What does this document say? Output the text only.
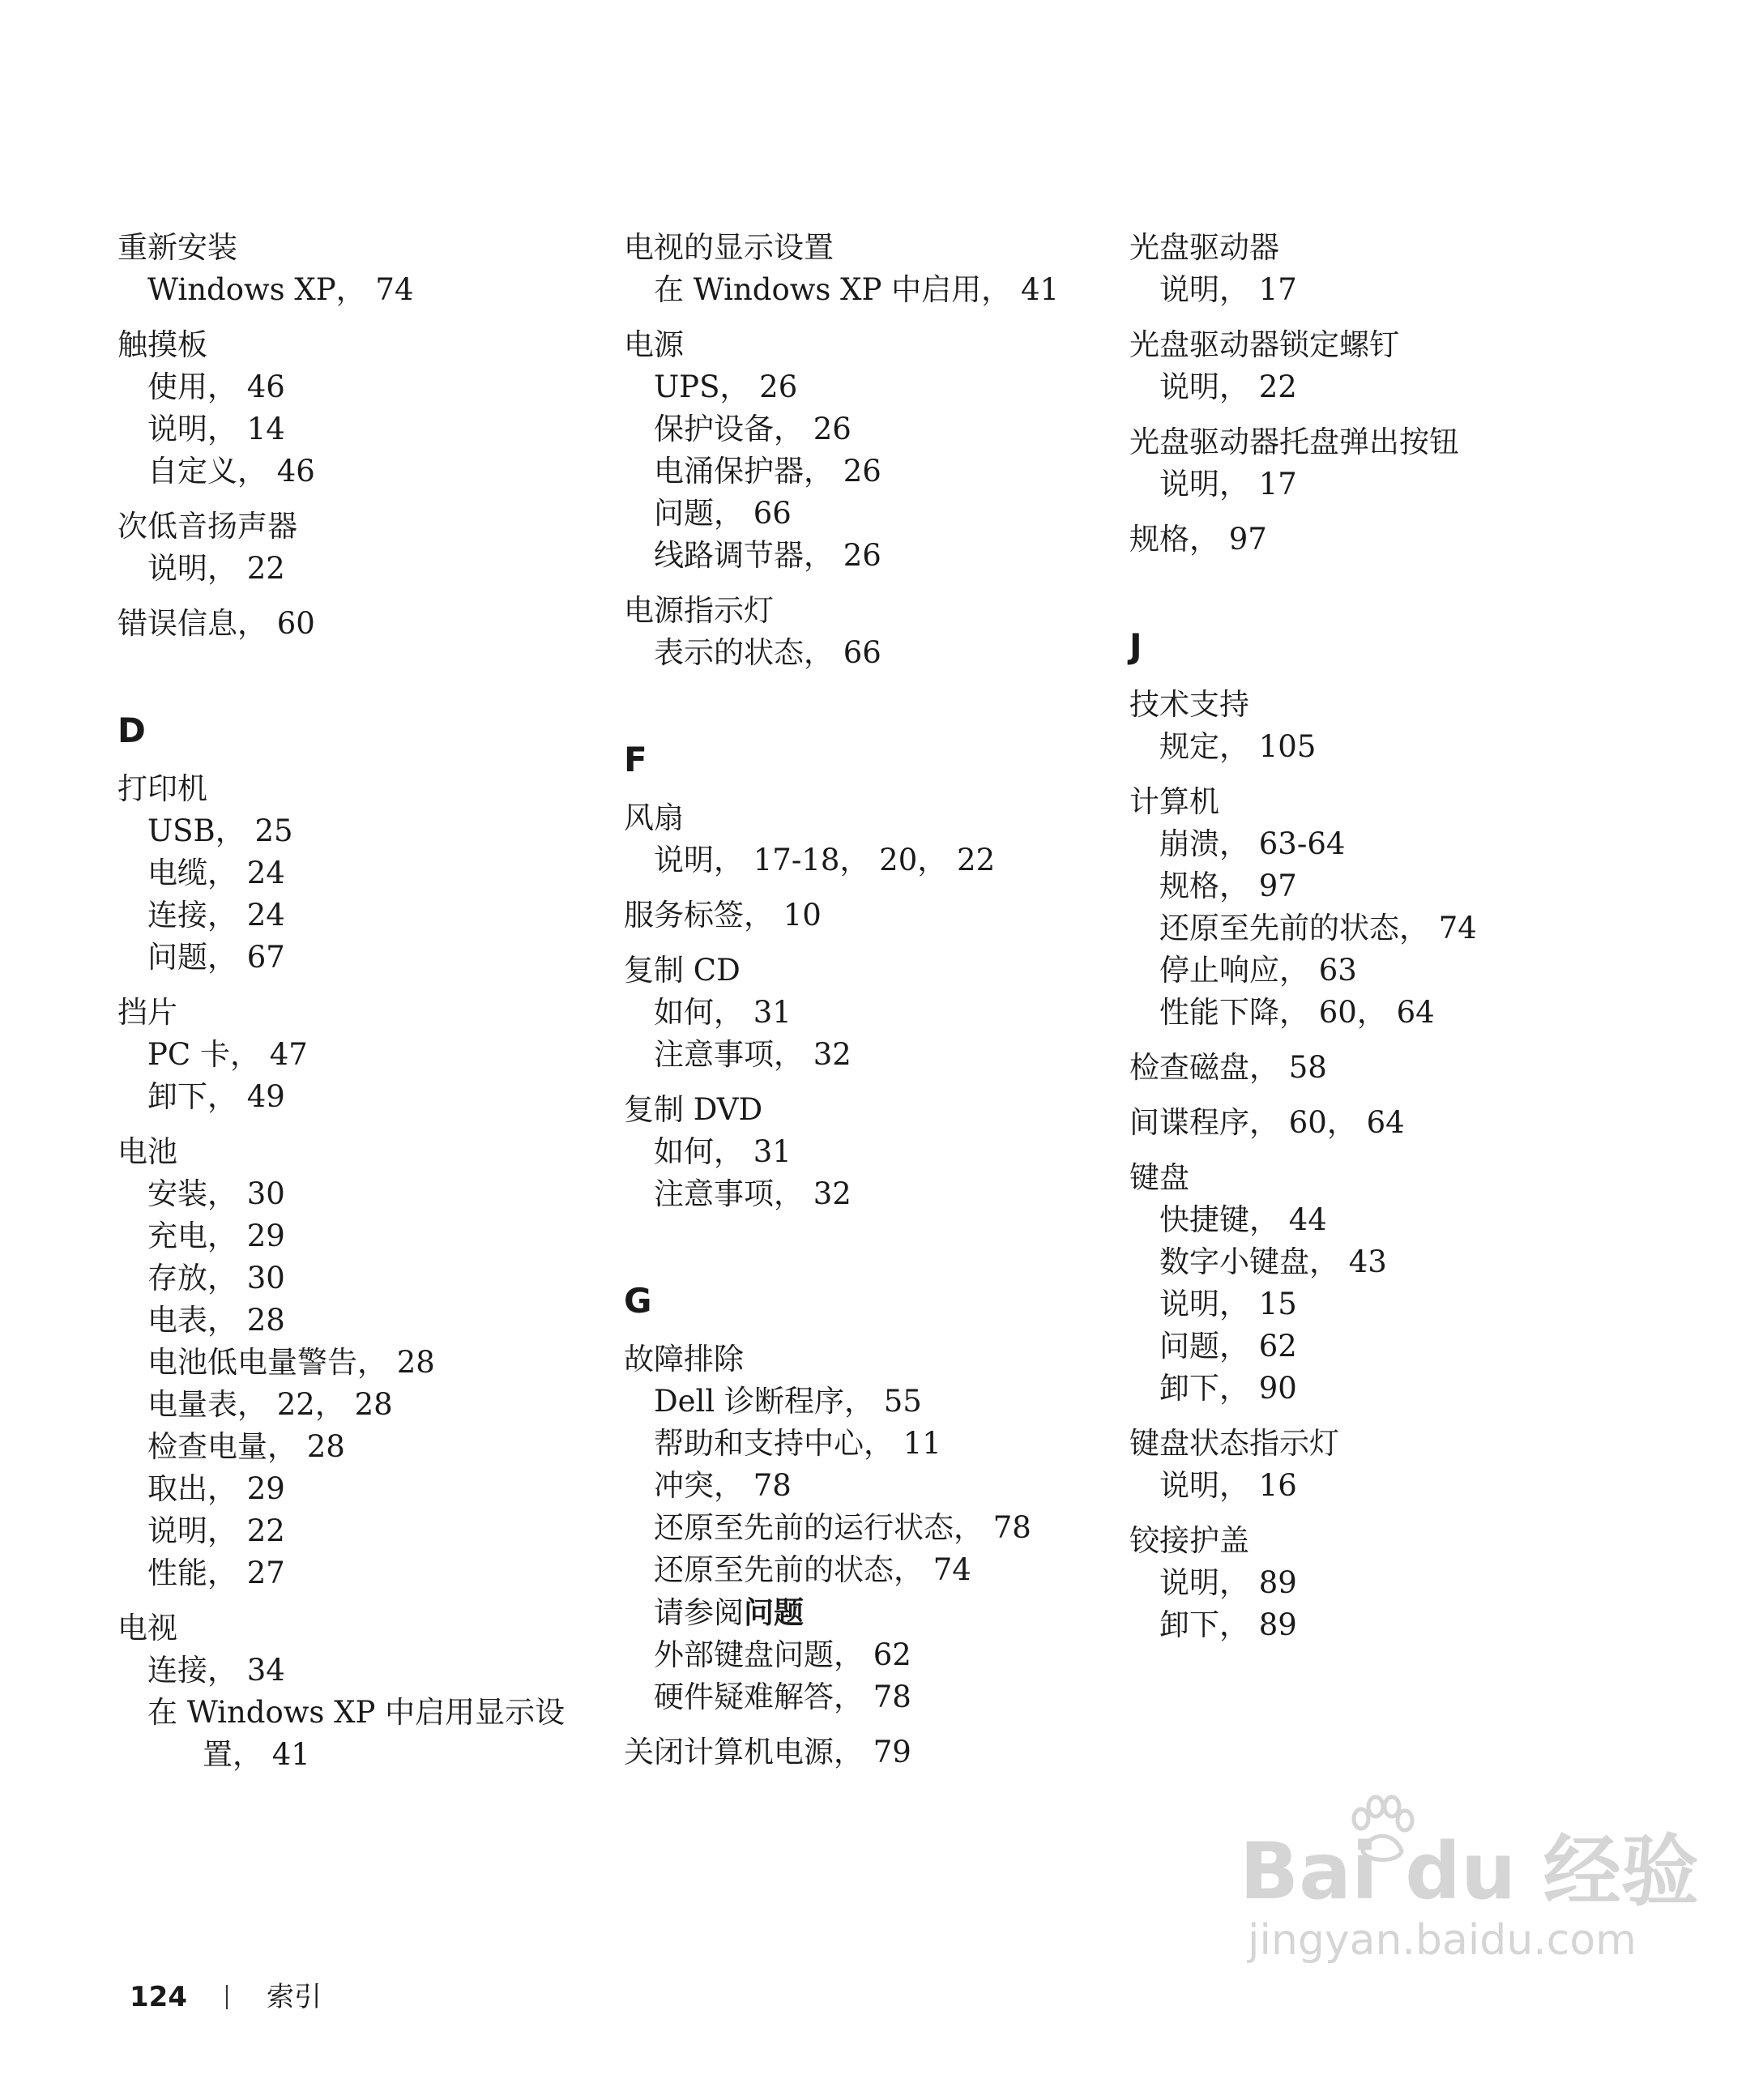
重新安装
Windows XP， 74
触摸板
使用， 46
说明， 14
自定义， 46
次低音扬声器
说明， 22
错误信息， 60
D
打印机
USB， 25
电缆， 24
连接， 24
问题， 67
挡片
PC 卡， 47
卸下， 49
电池
安装， 30
充电， 29
存放， 30
电表， 28
电池低电量警告， 28
电量表， 22， 28
检查电量， 28
取出， 29
说明， 22
性能， 27
电视
连接， 34
在 Windows XP 中启用显示设
置， 41
电视的显示设置
在 Windows XP 中启用， 41
电源
UPS， 26
保护设备， 26
电涌保护器， 26
问题， 66
线路调节器， 26
电源指示灯
表示的状态， 66
F
风扇
说明， 17-18， 20， 22
服务标签， 10
复制 CD
如何， 31
注意事项， 32
复制 DVD
如何， 31
注意事项， 32
G
故障排除
Dell 诊断程序， 55
帮助和支持中心， 11
冲突， 78
还原至先前的运行状态， 78
还原至先前的状态， 74
请参阅问题
外部键盘问题， 62
硬件疑难解答， 78
关闭计算机电源， 79
光盘驱动器
说明， 17
光盘驱动器锁定螺钉
说明， 22
光盘驱动器托盘弹出按钮
说明， 17
规格， 97
J
技术支持
规定， 105
计算机
崩溃， 63-64
规格， 97
还原至先前的状态， 74
停止响应， 63
性能下降， 60， 64
检查磁盘， 58
间谍程序， 60， 64
键盘
快捷键， 44
数字小键盘， 43
说明， 15
问题， 62
卸下， 90
键盘状态指示灯
说明， 16
铰接护盖
说明， 89
卸下， 89
124	索引
Bai du 经验
jingyan.baidu.com
